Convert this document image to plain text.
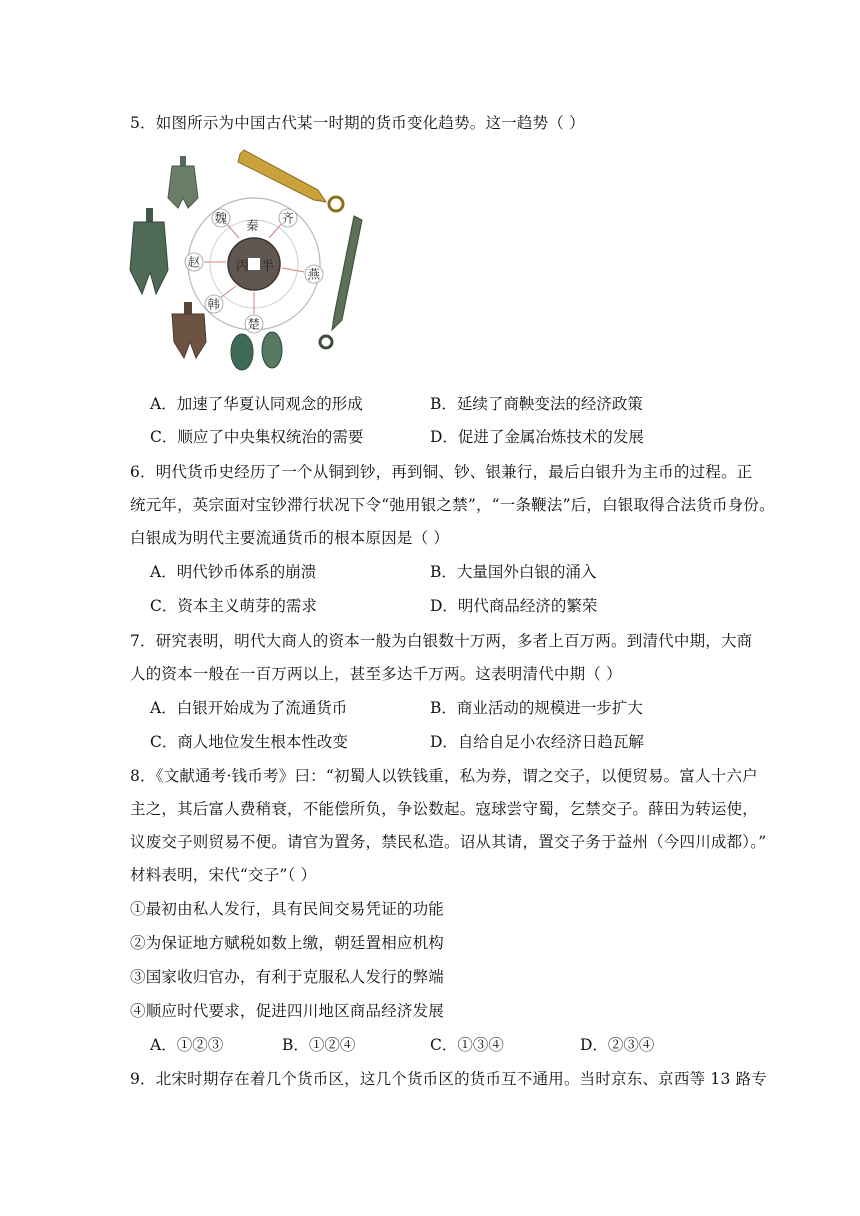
5．如图所示为中国古代某一时期的货币变化趋势。这一趋势（ ）
丙 半
秦
魏	齐
赵
燕
韩
楚
A．加速了华夏认同观念的形成	B．延续了商鞅变法的经济政策
C．顺应了中央集权统治的需要	D．促进了金属冶炼技术的发展
6．明代货币史经历了一个从铜到钞，再到铜、钞、银兼行，最后白银升为主币的过程。正
统元年，英宗面对宝钞滞行状况下令“弛用银之禁”，“一条鞭法”后，白银取得合法货币身份。
白银成为明代主要流通货币的根本原因是（ ）
A．明代钞币体系的崩溃	B．大量国外白银的涌入
C．资本主义萌芽的需求	D．明代商品经济的繁荣
7．研究表明，明代大商人的资本一般为白银数十万两，多者上百万两。到清代中期，大商
人的资本一般在一百万两以上，甚至多达千万两。这表明清代中期（ ）
A．白银开始成为了流通货币	B．商业活动的规模进一步扩大
C．商人地位发生根本性改变	D．自给自足小农经济日趋瓦解
8．《文献通考·钱币考》曰：“初蜀人以铁钱重，私为券，谓之交子，以便贸易。富人十六户
主之，其后富人费稍衰，不能偿所负，争讼数起。寇球尝守蜀，乞禁交子。薛田为转运使，
议废交子则贸易不便。请官为置务，禁民私造。诏从其请，置交子务于益州（今四川成都）。”
材料表明，宋代“交子”（ ）
①最初由私人发行，具有民间交易凭证的功能
②为保证地方赋税如数上缴，朝廷置相应机构
③国家收归官办，有利于克服私人发行的弊端
④顺应时代要求，促进四川地区商品经济发展
A．①②③	B．①②④	C．①③④	D．②③④
9．北宋时期存在着几个货币区，这几个货币区的货币互不通用。当时京东、京西等 13 路专
